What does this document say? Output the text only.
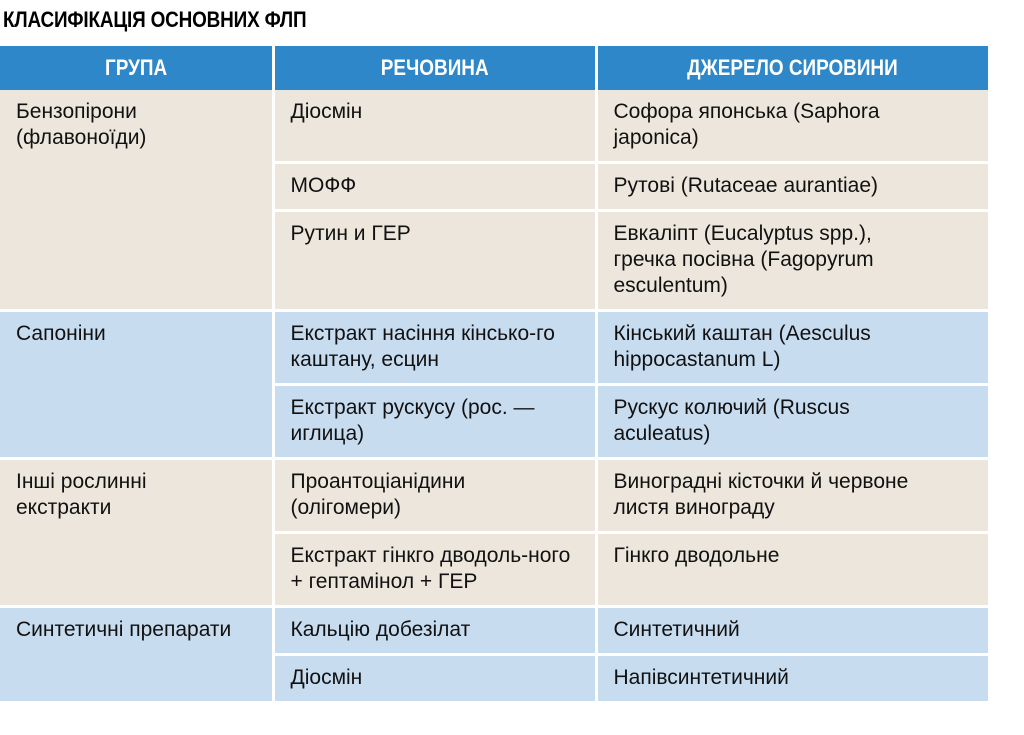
КЛАСИФІКАЦІЯ ОСНОВНИХ ФЛП
ГРУПА	РЕЧОВИНА	ДЖЕРЕЛО СИРОВИНИ
Бензопірони (флавоноїди)	Діосмін	Софора японська (Saphora japonica)
	МОФФ	Рутові (Rutaceae aurantiae)
	Рутин и ГЕР	Евкаліпт (Eucalyptus spp.), гречка посівна (Fagopyrum esculentum)
Сапоніни	Екстракт насіння кінсько-го каштану, есцин	Кінський каштан (Aesculus hippocastanum L)
	Екстракт рускусу (рос. — иглица)	Рускус колючий (Ruscus aculeatus)
Інші рослинні екстракти	Проантоціанідини (олігомери)	Виноградні кісточки й червоне листя винограду
	Екстракт гінкго дводоль-ного + гептамінол + ГЕР	Гінкго дводольне
Синтетичні препарати	Кальцію добезілат	Синтетичний
	Діосмін	Напівсинтетичний
